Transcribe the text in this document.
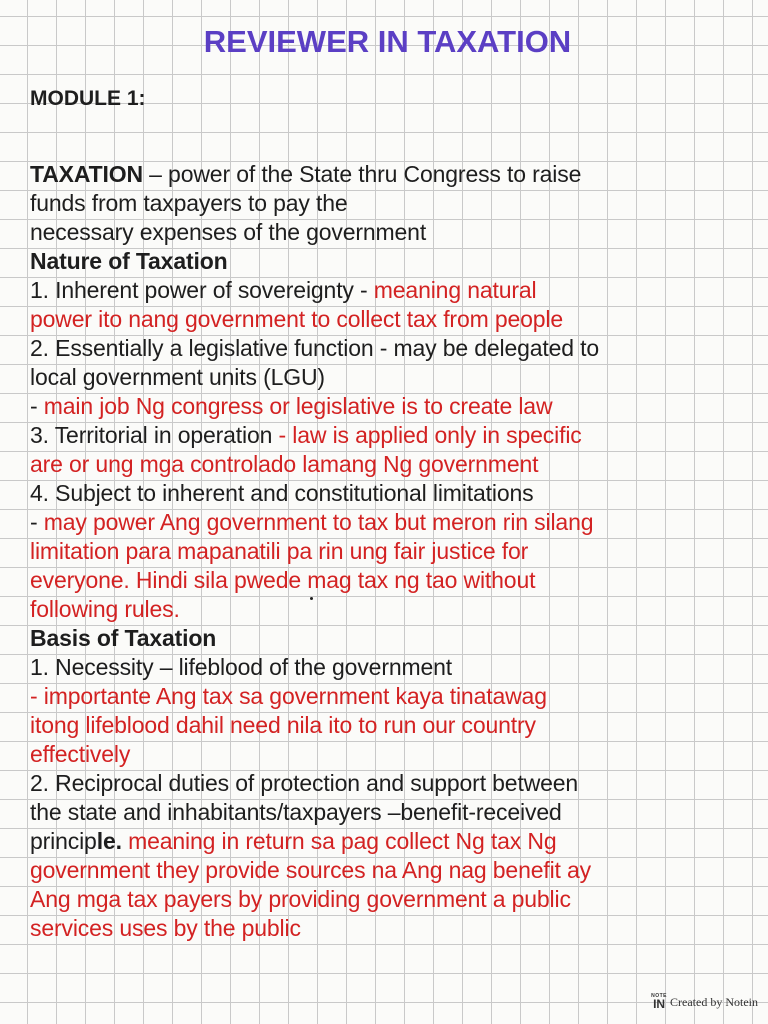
REVIEWER IN TAXATION
MODULE 1:
TAXATION – power of the State thru Congress to raise
funds from taxpayers to pay the
necessary expenses of the government
Nature of Taxation
1. Inherent power of sovereignty - meaning natural
power ito nang government to collect tax from people
2. Essentially a legislative function - may be delegated to
local government units (LGU)
- main job Ng congress or legislative is to create law
3. Territorial in operation - law is applied only in specific
are or ung mga controlado lamang Ng government
4. Subject to inherent and constitutional limitations
- may power Ang government to tax but meron rin silang
limitation para mapanatili pa rin ung fair justice for
everyone. Hindi sila pwede mag tax ng tao without
following rules.
Basis of Taxation
1. Necessity – lifeblood of the government
- importante Ang tax sa government kaya tinatawag
itong lifeblood dahil need nila ito to run our country
effectively
2. Reciprocal duties of protection and support between
the state and inhabitants/taxpayers –benefit-received
principle. meaning in return sa pag collect Ng tax Ng
government they provide sources na Ang nag benefit ay
Ang mga tax payers by providing government a public
services uses by the public
NOTE
IN Created by Notein
